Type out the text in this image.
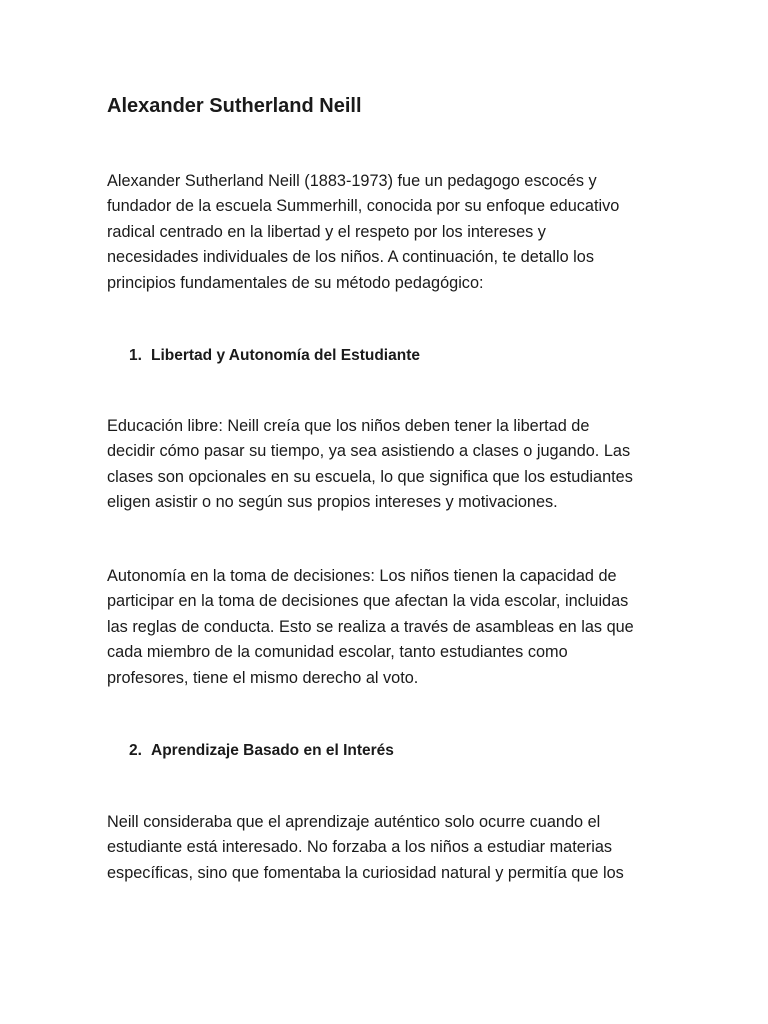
Alexander Sutherland Neill

Alexander Sutherland Neill (1883-1973) fue un pedagogo escocés y
fundador de la escuela Summerhill, conocida por su enfoque educativo
radical centrado en la libertad y el respeto por los intereses y
necesidades individuales de los niños. A continuación, te detallo los
principios fundamentales de su método pedagógico:

1. Libertad y Autonomía del Estudiante

Educación libre: Neill creía que los niños deben tener la libertad de
decidir cómo pasar su tiempo, ya sea asistiendo a clases o jugando. Las
clases son opcionales en su escuela, lo que significa que los estudiantes
eligen asistir o no según sus propios intereses y motivaciones.

Autonomía en la toma de decisiones: Los niños tienen la capacidad de
participar en la toma de decisiones que afectan la vida escolar, incluidas
las reglas de conducta. Esto se realiza a través de asambleas en las que
cada miembro de la comunidad escolar, tanto estudiantes como
profesores, tiene el mismo derecho al voto.

2. Aprendizaje Basado en el Interés

Neill consideraba que el aprendizaje auténtico solo ocurre cuando el
estudiante está interesado. No forzaba a los niños a estudiar materias
específicas, sino que fomentaba la curiosidad natural y permitía que los
